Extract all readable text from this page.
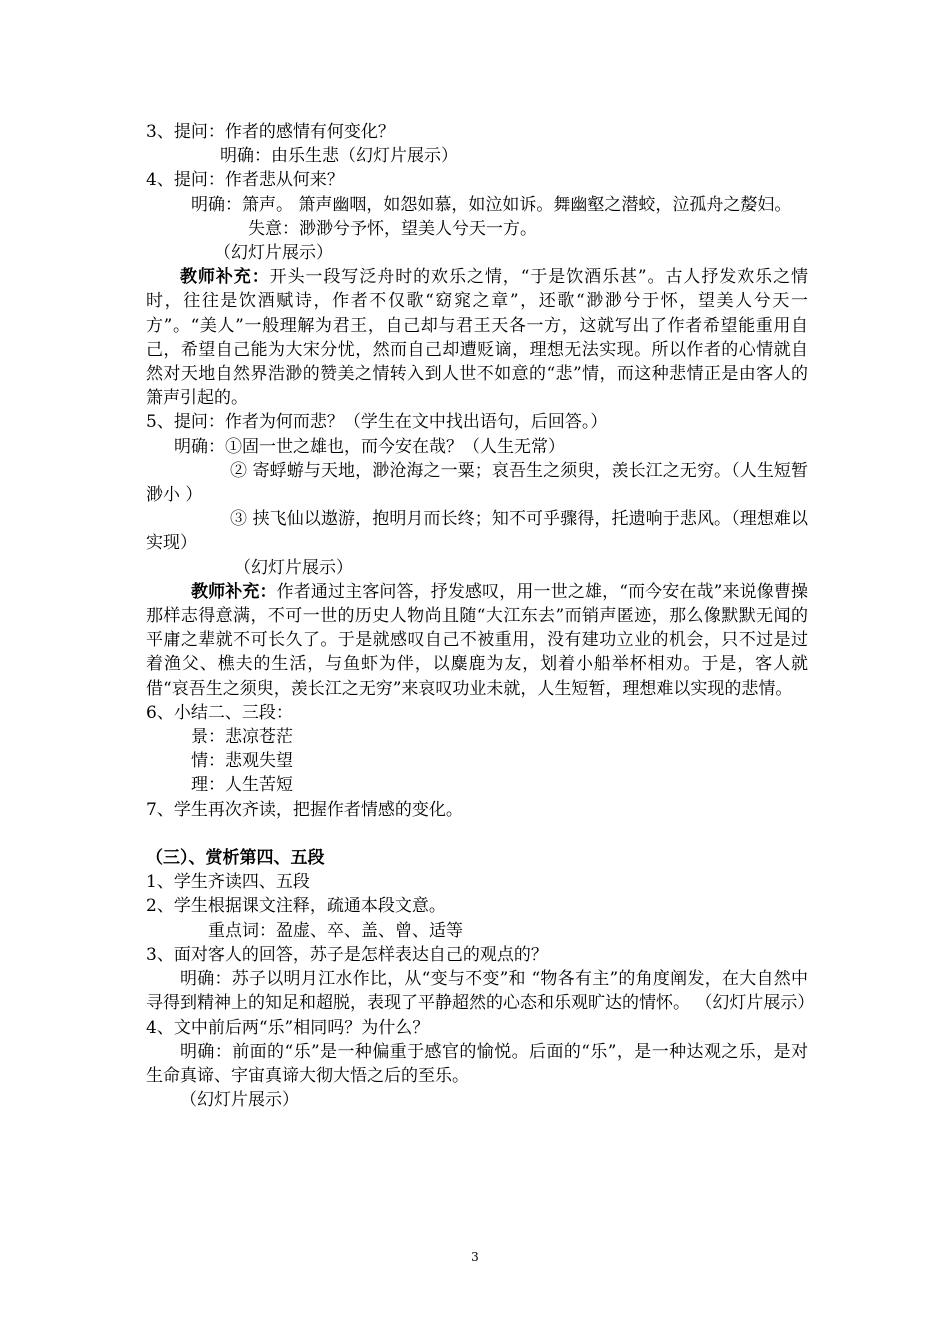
3、提问：作者的感情有何变化？

明确：由乐生悲（幻灯片展示）

4、提问：作者悲从何来？

明确：箫声。 箫声幽咽，如怨如慕，如泣如诉。舞幽壑之潜蛟，泣孤舟之嫠妇。

失意：渺渺兮予怀，望美人兮天一方。

（幻灯片展示）

教师补充：开头一段写泛舟时的欢乐之情，“于是饮酒乐甚”。古人抒发欢乐之情时，往往是饮酒赋诗，作者不仅歌“窈窕之章”，还歌“渺渺兮于怀，望美人兮天一方”。“美人”一般理解为君王，自己却与君王天各一方，这就写出了作者希望能重用自己，希望自己能为大宋分忧，然而自己却遭贬谪，理想无法实现。所以作者的心情就自然对天地自然界浩渺的赞美之情转入到人世不如意的“悲”情，而这种悲情正是由客人的箫声引起的。

5、提问：作者为何而悲？（学生在文中找出语句，后回答。）

明确：①固一世之雄也，而今安在哉？（人生无常）

② 寄蜉蝣与天地，渺沧海之一粟；哀吾生之须臾，羡长江之无穷。（人生短暂渺小 ）

③ 挟飞仙以遨游，抱明月而长终；知不可乎骤得，托遗响于悲风。（理想难以实现）

（幻灯片展示）

教师补充：作者通过主客问答，抒发感叹，用一世之雄，“而今安在哉”来说像曹操那样志得意满，不可一世的历史人物尚且随“大江东去”而销声匿迹，那么像默默无闻的平庸之辈就不可长久了。于是就感叹自己不被重用，没有建功立业的机会，只不过是过着渔父、樵夫的生活，与鱼虾为伴，以麋鹿为友，划着小船举杯相劝。于是，客人就借“哀吾生之须臾，羡长江之无穷”来哀叹功业未就，人生短暂，理想难以实现的悲情。

6、小结二、三段：

景：悲凉苍茫

情：悲观失望

理：人生苦短

7、学生再次齐读，把握作者情感的变化。

（三）、赏析第四、五段

1、学生齐读四、五段

2、学生根据课文注释，疏通本段文意。

重点词：盈虚、卒、盖、曾、适等

3、面对客人的回答，苏子是怎样表达自己的观点的？

明确：苏子以明月江水作比，从“变与不变”和 “物各有主”的角度阐发，在大自然中寻得到精神上的知足和超脱，表现了平静超然的心态和乐观旷达的情怀。 （幻灯片展示）

4、文中前后两“乐”相同吗？为什么？

明确：前面的“乐”是一种偏重于感官的愉悦。后面的“乐”，是一种达观之乐，是对生命真谛、宇宙真谛大彻大悟之后的至乐。

（幻灯片展示）

3
